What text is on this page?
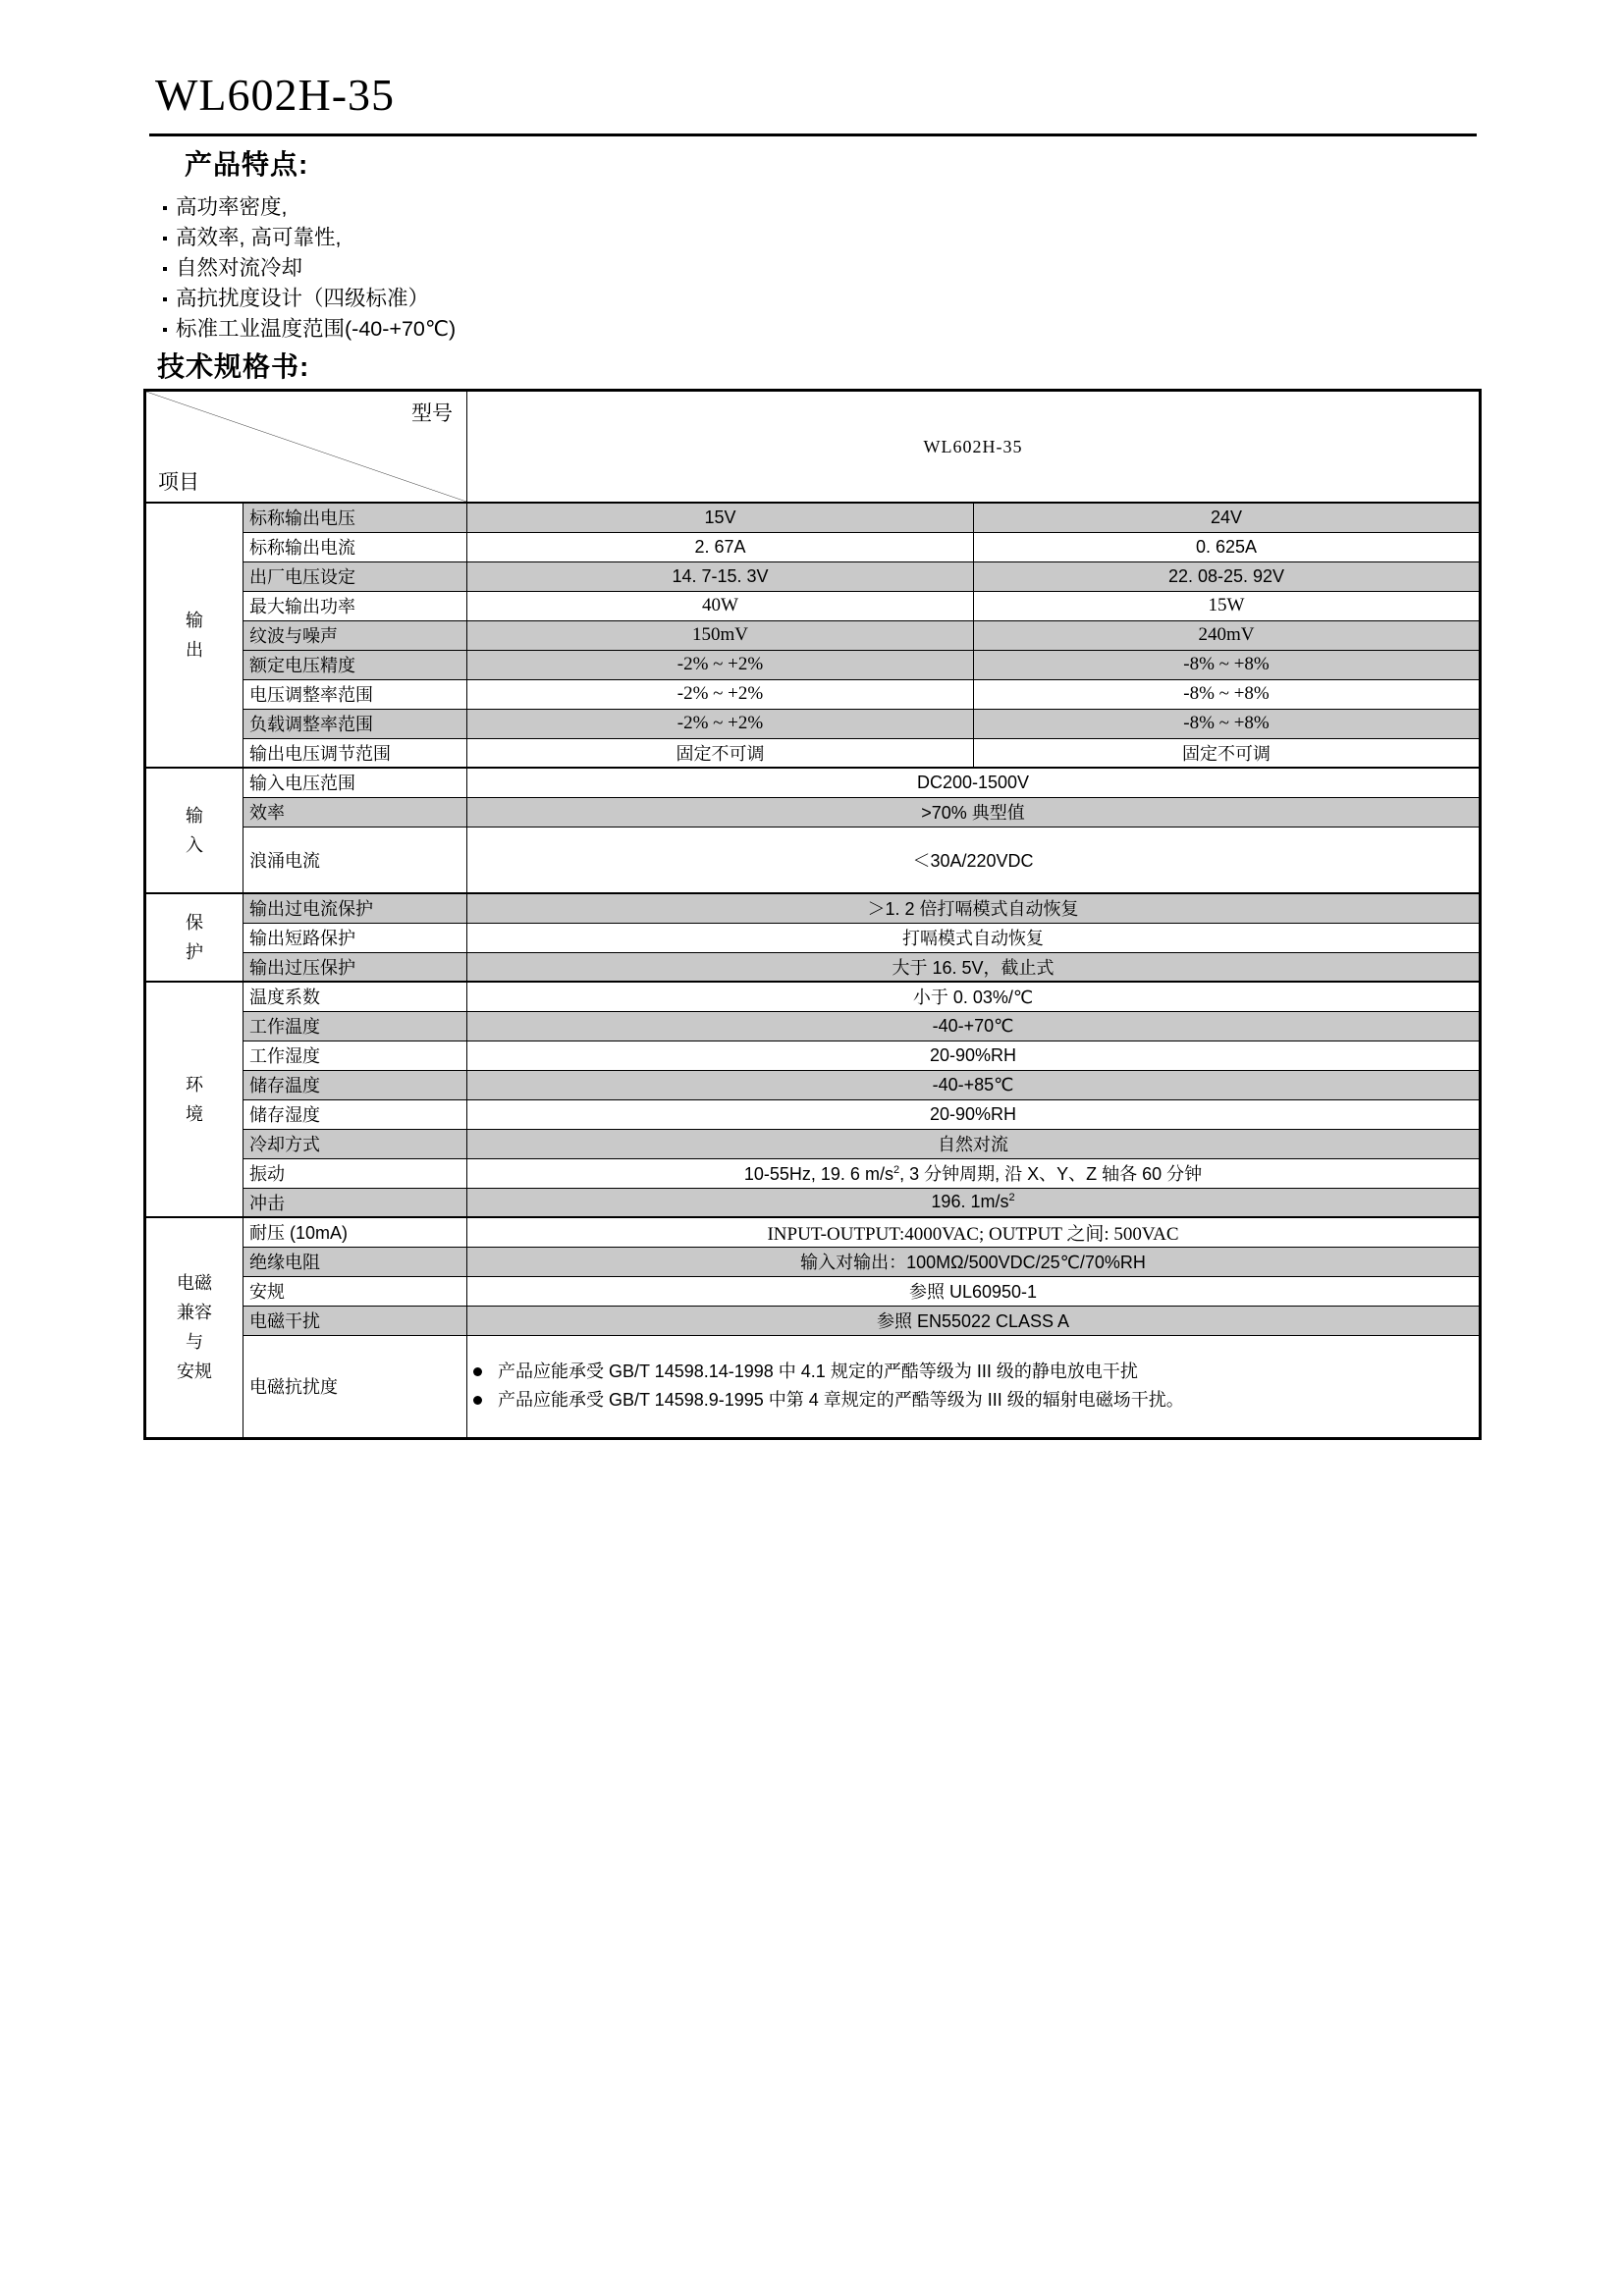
WL602H-35
产品特点:
高功率密度,
高效率, 高可靠性,
自然对流冷却
高抗扰度设计（四级标准）
标准工业温度范围(-40-+70℃)
技术规格书:
型号
项目		WL602H-35	

输
出	标称输出电压	15V	24V
	标称输出电流	2. 67A	0. 625A
	出厂电压设定	14. 7-15. 3V	22. 08-25. 92V
	最大输出功率	40W	15W
	纹波与噪声	150mV	240mV
	额定电压精度	-2% ~ +2%	-8% ~ +8%
	电压调整率范围	-2% ~ +2%	-8% ~ +8%
	负载调整率范围	-2% ~ +2%	-8% ~ +8%
	输出电压调节范围	固定不可调	固定不可调

输
入	输入电压范围	DC200-1500V	
	效率	>70% 典型值	
	浪涌电流	＜30A/220VDC	

保
护	输出过电流保护	＞1. 2 倍打嗝模式自动恢复	
	输出短路保护	打嗝模式自动恢复	
	输出过压保护	大于 16. 5V，截止式	

环
境	温度系数	小于 0. 03%/℃	
	工作温度	-40-+70℃	
	工作湿度	20-90%RH	
	储存温度	-40-+85℃	
	储存湿度	20-90%RH	
	冷却方式	自然对流	
	振动	10-55Hz, 19. 6 $m/s^2$, 3 分钟周期, 沿 X、Y、Z 轴各 60 分钟	
	冲击	196. $1m/s^2$

电磁
兼容
与
安规	耐压 (10mA)	INPUT-OUTPUT:4000VAC; OUTPUT 之间: 500VAC	
	绝缘电阻	输入对输出：100MΩ/500VDC/25℃/70%RH	
	安规	参照 UL60950-1	
	电磁干扰	参照 EN55022 CLASS A	
	电磁抗扰度	产品应能承受 GB/T 14598.14-1998 中 4.1 规定的严酷等级为 III 级的静电放电干扰
产品应能承受 GB/T 14598.9-1995 中第 4 章规定的严酷等级为 III 级的辐射电磁场干扰。	
